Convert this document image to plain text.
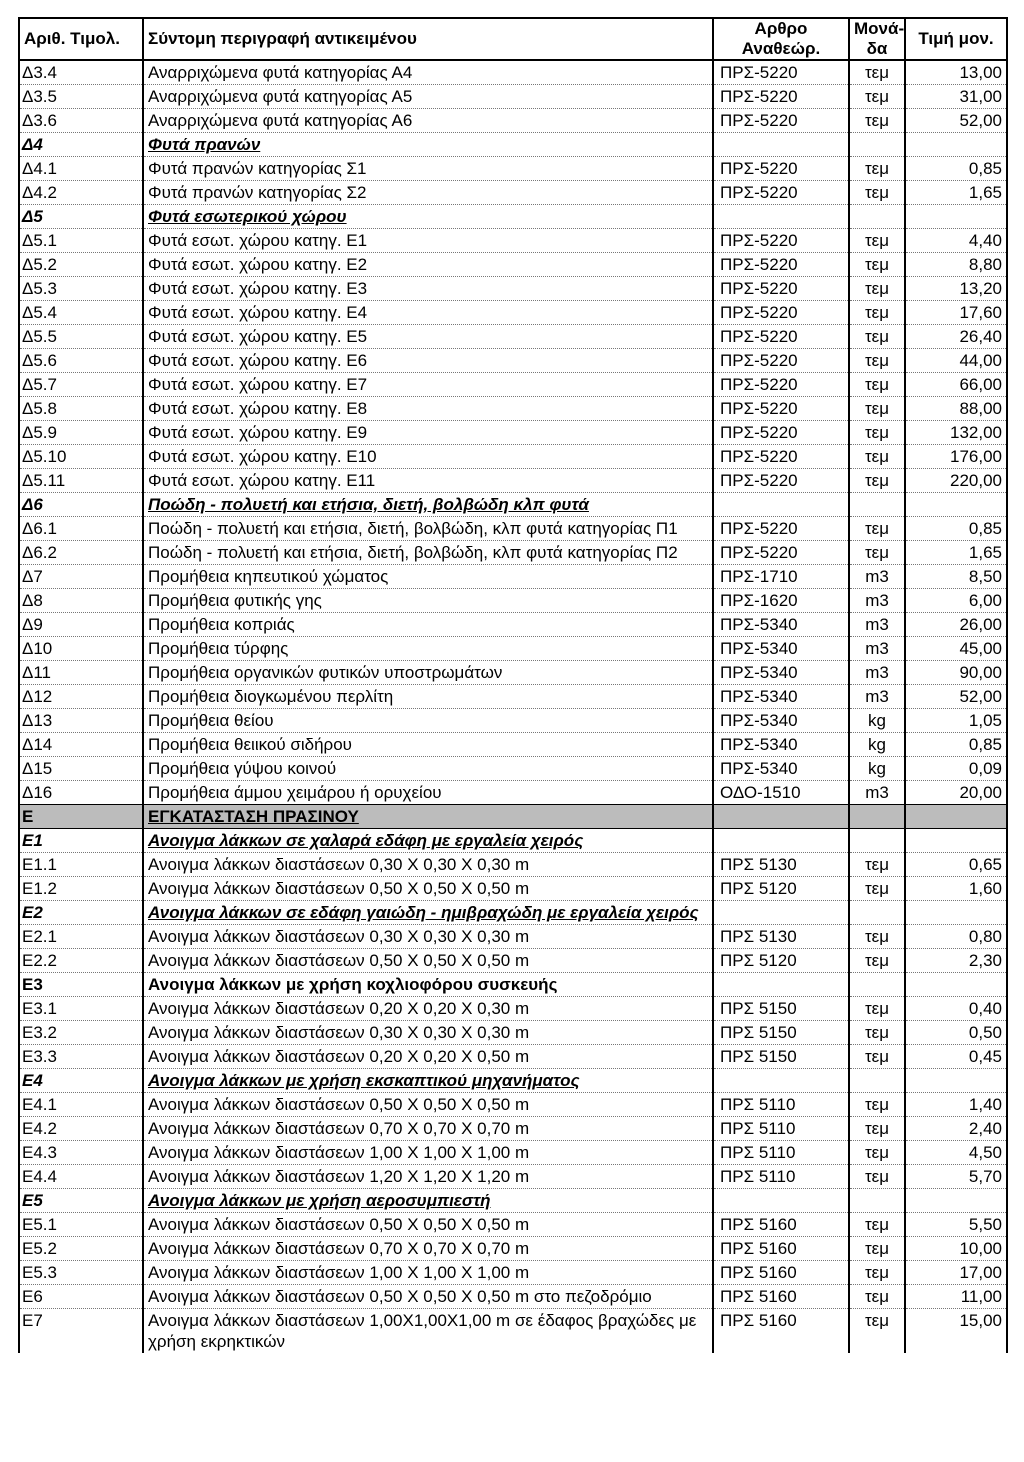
Αριθ. Τιμολ.	Σύντομη περιγραφή αντικειμένου	Αρθρο Αναθεώρ.	Μονά- δα	Τιμή μον.
Δ3.4	Αναρριχώμενα φυτά κατηγορίας Α4	ΠΡΣ-5220	τεμ	13,00
Δ3.5	Αναρριχώμενα φυτά κατηγορίας Α5	ΠΡΣ-5220	τεμ	31,00
Δ3.6	Αναρριχώμενα φυτά κατηγορίας Α6	ΠΡΣ-5220	τεμ	52,00
Δ4	Φυτά πρανών			
Δ4.1	Φυτά πρανών κατηγορίας Σ1	ΠΡΣ-5220	τεμ	0,85
Δ4.2	Φυτά πρανών κατηγορίας Σ2	ΠΡΣ-5220	τεμ	1,65
Δ5	Φυτά εσωτερικού χώρου			
Δ5.1	Φυτά εσωτ. χώρου κατηγ. Ε1	ΠΡΣ-5220	τεμ	4,40
Δ5.2	Φυτά εσωτ. χώρου κατηγ. Ε2	ΠΡΣ-5220	τεμ	8,80
Δ5.3	Φυτά εσωτ. χώρου κατηγ. Ε3	ΠΡΣ-5220	τεμ	13,20
Δ5.4	Φυτά εσωτ. χώρου κατηγ. Ε4	ΠΡΣ-5220	τεμ	17,60
Δ5.5	Φυτά εσωτ. χώρου κατηγ. Ε5	ΠΡΣ-5220	τεμ	26,40
Δ5.6	Φυτά εσωτ. χώρου κατηγ. Ε6	ΠΡΣ-5220	τεμ	44,00
Δ5.7	Φυτά εσωτ. χώρου κατηγ. Ε7	ΠΡΣ-5220	τεμ	66,00
Δ5.8	Φυτά εσωτ. χώρου κατηγ. Ε8	ΠΡΣ-5220	τεμ	88,00
Δ5.9	Φυτά εσωτ. χώρου κατηγ. Ε9	ΠΡΣ-5220	τεμ	132,00
Δ5.10	Φυτά εσωτ. χώρου κατηγ. Ε10	ΠΡΣ-5220	τεμ	176,00
Δ5.11	Φυτά εσωτ. χώρου κατηγ. Ε11	ΠΡΣ-5220	τεμ	220,00
Δ6	Ποώδη - πολυετή και ετήσια, διετή, βολβώδη κλπ φυτά			
Δ6.1	Ποώδη - πολυετή και ετήσια, διετή, βολβώδη, κλπ φυτά κατηγορίας Π1	ΠΡΣ-5220	τεμ	0,85
Δ6.2	Ποώδη - πολυετή και ετήσια, διετή, βολβώδη, κλπ φυτά κατηγορίας Π2	ΠΡΣ-5220	τεμ	1,65
Δ7	Προμήθεια κηπευτικού χώματος	ΠΡΣ-1710	m3	8,50
Δ8	Προμήθεια φυτικής γης	ΠΡΣ-1620	m3	6,00
Δ9	Προμήθεια κοπριάς	ΠΡΣ-5340	m3	26,00
Δ10	Προμήθεια τύρφης	ΠΡΣ-5340	m3	45,00
Δ11	Προμήθεια οργανικών φυτικών υποστρωμάτων	ΠΡΣ-5340	m3	90,00
Δ12	Προμήθεια διογκωμένου περλίτη	ΠΡΣ-5340	m3	52,00
Δ13	Προμήθεια θείου	ΠΡΣ-5340	kg	1,05
Δ14	Προμήθεια θειικού σιδήρου	ΠΡΣ-5340	kg	0,85
Δ15	Προμήθεια γύψου κοινού	ΠΡΣ-5340	kg	0,09
Δ16	Προμήθεια άμμου χειμάρου ή ορυχείου	ΟΔΟ-1510	m3	20,00
Ε	ΕΓΚΑΤΑΣΤΑΣΗ ΠΡΑΣΙΝΟΥ			
Ε1	Ανοιγμα λάκκων σε χαλαρά εδάφη με εργαλεία χειρός			
Ε1.1	Ανοιγμα λάκκων διαστάσεων 0,30 Χ 0,30 Χ 0,30 m	ΠΡΣ 5130	τεμ	0,65
Ε1.2	Ανοιγμα λάκκων διαστάσεων 0,50 Χ 0,50 Χ 0,50 m	ΠΡΣ 5120	τεμ	1,60
Ε2	Ανοιγμα λάκκων σε εδάφη γαιώδη - ημιβραχώδη με εργαλεία χειρός			
Ε2.1	Ανοιγμα λάκκων διαστάσεων 0,30 Χ 0,30 Χ 0,30 m	ΠΡΣ 5130	τεμ	0,80
Ε2.2	Ανοιγμα λάκκων διαστάσεων 0,50 Χ 0,50 Χ 0,50 m	ΠΡΣ 5120	τεμ	2,30
Ε3	Ανοιγμα λάκκων με χρήση κοχλιοφόρου συσκευής			
Ε3.1	Ανοιγμα λάκκων διαστάσεων 0,20 Χ 0,20 Χ 0,30 m	ΠΡΣ 5150	τεμ	0,40
Ε3.2	Ανοιγμα λάκκων διαστάσεων 0,30 Χ 0,30 Χ 0,30 m	ΠΡΣ 5150	τεμ	0,50
Ε3.3	Ανοιγμα λάκκων διαστάσεων 0,20 Χ 0,20 Χ 0,50 m	ΠΡΣ 5150	τεμ	0,45
Ε4	Ανοιγμα λάκκων με χρήση εκσκαπτικού μηχανήματος			
Ε4.1	Ανοιγμα λάκκων διαστάσεων 0,50 Χ 0,50 Χ 0,50 m	ΠΡΣ 5110	τεμ	1,40
Ε4.2	Ανοιγμα λάκκων διαστάσεων 0,70 Χ 0,70 Χ 0,70 m	ΠΡΣ 5110	τεμ	2,40
Ε4.3	Ανοιγμα λάκκων διαστάσεων 1,00 Χ 1,00 Χ 1,00 m	ΠΡΣ 5110	τεμ	4,50
Ε4.4	Ανοιγμα λάκκων διαστάσεων 1,20 Χ 1,20 Χ 1,20 m	ΠΡΣ 5110	τεμ	5,70
Ε5	Ανοιγμα λάκκων με χρήση αεροσυμπιεστή			
Ε5.1	Ανοιγμα λάκκων διαστάσεων 0,50 Χ 0,50 Χ 0,50 m	ΠΡΣ 5160	τεμ	5,50
Ε5.2	Ανοιγμα λάκκων διαστάσεων 0,70 Χ 0,70 Χ 0,70 m	ΠΡΣ 5160	τεμ	10,00
Ε5.3	Ανοιγμα λάκκων διαστάσεων 1,00 Χ 1,00 Χ 1,00 m	ΠΡΣ 5160	τεμ	17,00
Ε6	Ανοιγμα λάκκων διαστάσεων 0,50 Χ 0,50 Χ 0,50 m στο πεζοδρόμιο	ΠΡΣ 5160	τεμ	11,00
Ε7	Ανοιγμα λάκκων διαστάσεων 1,00Χ1,00Χ1,00 m σε έδαφος βραχώδες με χρήση εκρηκτικών	ΠΡΣ 5160	τεμ	15,00
